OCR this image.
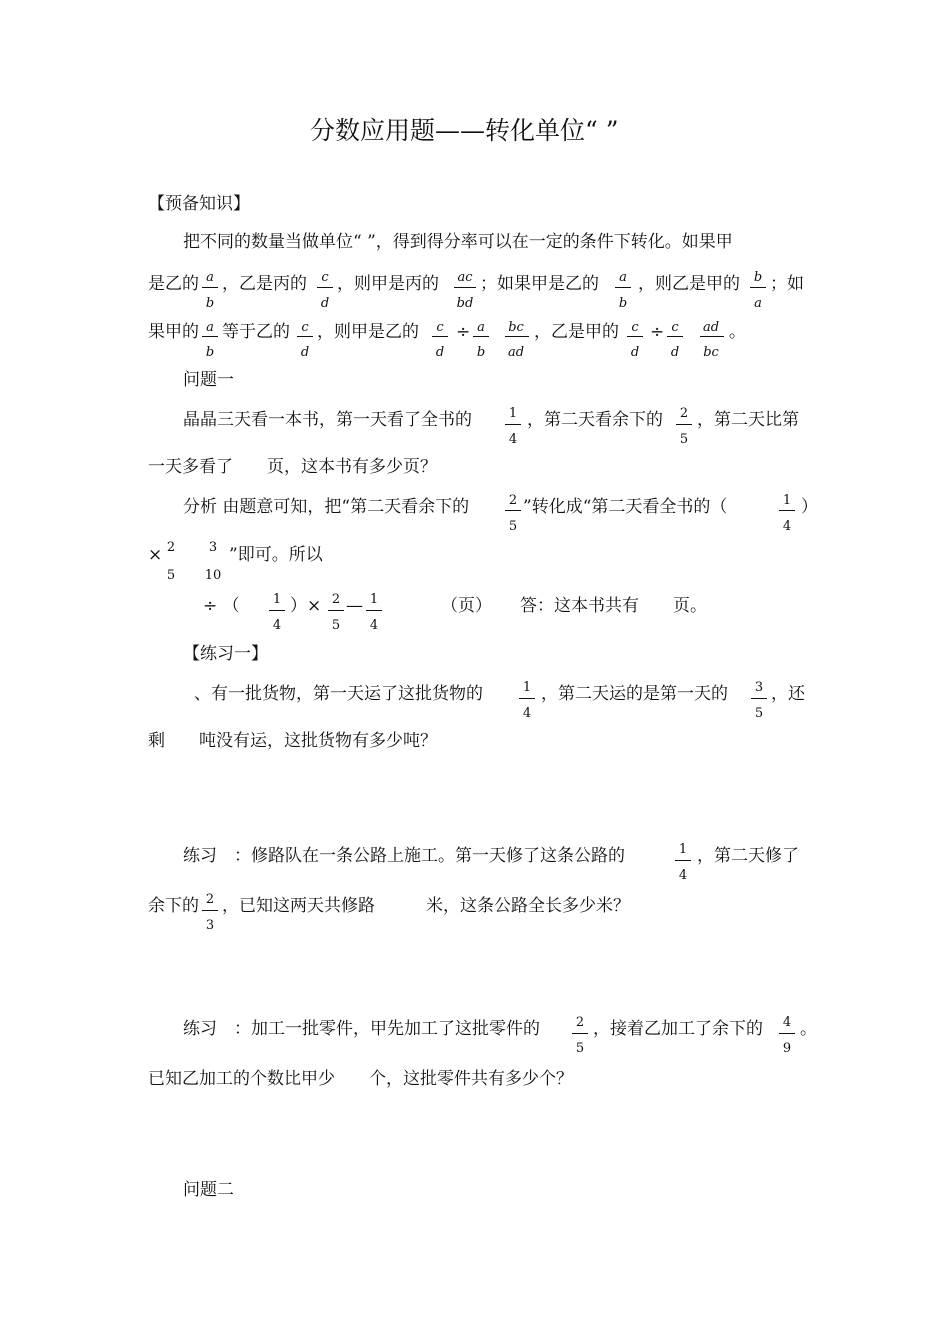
分数应用题——转化单位“ ”
【预备知识】
把不同的数量当做单位“ ”，得到得分率可以在一定的条件下转化。如果甲
是乙的 a
b
，乙是丙的	c
d
，则甲是丙的 ac
bd
；如果甲是乙的	a
b
，则乙是甲的	b
a
；如
果甲的 a
b
等于乙的 c
d
，则甲是乙的	c
d
÷ a
b
bc
ad
，乙是甲的 c
d
÷ c
d
ad
bc
。
问题一
晶晶三天看一本书，第一天看了全书的	1
4
，第二天看余下的	2
5
，第二天比第
一天多看了　　页，这本书有多少页？
分析 由题意可知，把“第二天看余下的	2
5
”转化成“第二天看全书的（	1
4
）
× 2
5
3
10
”即可。所以
÷ （	1
4
）× 2
5
— 1
4
（页） 答：这本书共有　　页。
【练习一】
、有一批货物，第一天运了这批货物的	1
4
，第二天运的是第一天的	3
5
，还
剩　　吨没有运，这批货物有多少吨？
练习　：修路队在一条公路上施工。第一天修了这条公路的	1
4
，第二天修了
余下的 2
3
，已知这两天共修路　　　米，这条公路全长多少米？
练习　：加工一批零件，甲先加工了这批零件的	2
5
，接着乙加工了余下的	4
9
。
已知乙加工的个数比甲少　　个，这批零件共有多少个？
问题二
